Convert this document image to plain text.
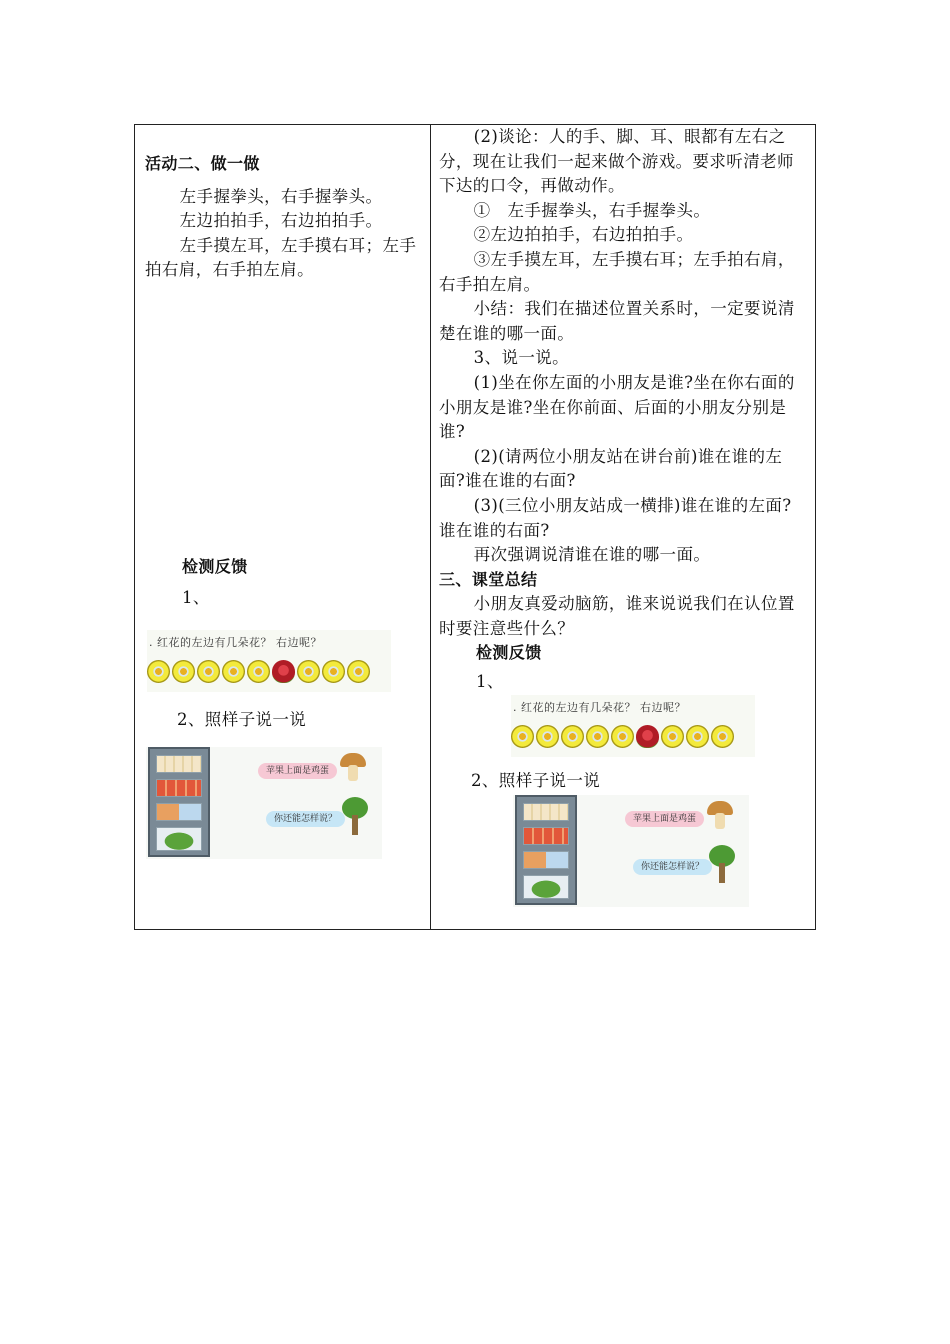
活动二、做一做

左手握拳头，右手握拳头。

左边拍拍手，右边拍拍手。

左手摸左耳，左手摸右耳；左手拍右肩，右手拍左肩。

检测反馈

1、

. 红花的左边有几朵花？ 右边呢？

2、照样子说一说

苹果上面是鸡蛋
你还能怎样说？

(2)谈论：人的手、脚、耳、眼都有左右之分，现在让我们一起来做个游戏。要求听清老师下达的口令，再做动作。

①　左手握拳头，右手握拳头。

②左边拍拍手，右边拍拍手。

③左手摸左耳，左手摸右耳；左手拍右肩，右手拍左肩。

小结：我们在描述位置关系时，一定要说清楚在谁的哪一面。

3、说一说。

(1)坐在你左面的小朋友是谁?坐在你右面的小朋友是谁?坐在你前面、后面的小朋友分别是谁?

(2)(请两位小朋友站在讲台前)谁在谁的左面?谁在谁的右面?

(3)(三位小朋友站成一横排)谁在谁的左面?谁在谁的右面?

再次强调说清谁在谁的哪一面。

三、课堂总结

小朋友真爱动脑筋，谁来说说我们在认位置时要注意些什么？

检测反馈

1、

. 红花的左边有几朵花？ 右边呢？

2、照样子说一说

苹果上面是鸡蛋
你还能怎样说？
